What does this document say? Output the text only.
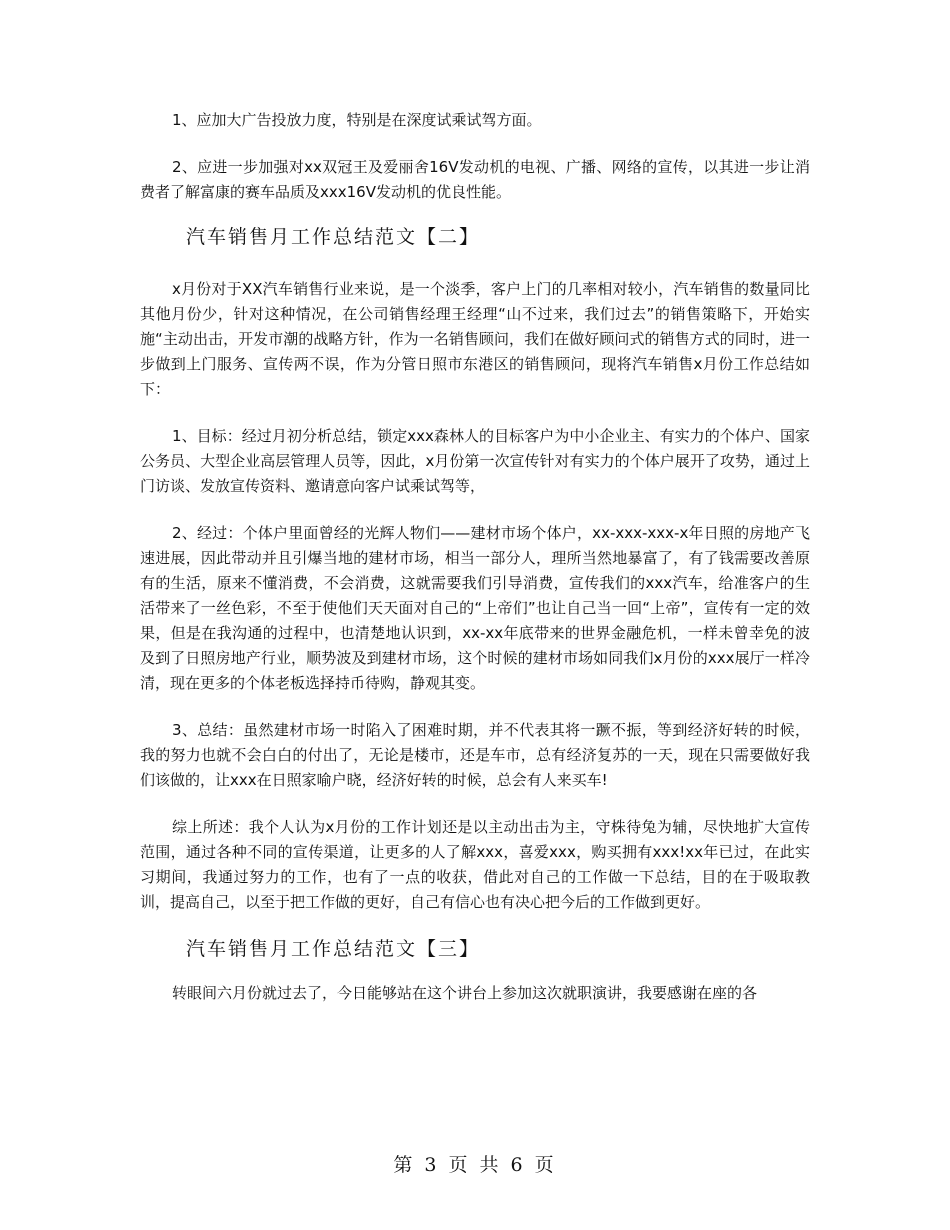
1、应加大广告投放力度，特别是在深度试乘试驾方面。

2、应进一步加强对xx双冠王及爱丽舍16V发动机的电视、广播、网络的宣传，以其进一步让消费者了解富康的赛车品质及xxx16V发动机的优良性能。

汽车销售月工作总结范文【二】

x月份对于XX汽车销售行业来说，是一个淡季，客户上门的几率相对较小，汽车销售的数量同比其他月份少，针对这种情况，在公司销售经理王经理“山不过来，我们过去”的销售策略下，开始实施“主动出击，开发市潮的战略方针，作为一名销售顾问，我们在做好顾问式的销售方式的同时，进一步做到上门服务、宣传两不误，作为分管日照市东港区的销售顾问，现将汽车销售x月份工作总结如下：

1、目标：经过月初分析总结，锁定xxx森林人的目标客户为中小企业主、有实力的个体户、国家公务员、大型企业高层管理人员等，因此，x月份第一次宣传针对有实力的个体户展开了攻势，通过上门访谈、发放宣传资料、邀请意向客户试乘试驾等，

2、经过：个体户里面曾经的光辉人物们——建材市场个体户，xx-xxx-xxx-x年日照的房地产飞速进展，因此带动并且引爆当地的建材市场，相当一部分人，理所当然地暴富了，有了钱需要改善原有的生活，原来不懂消费，不会消费，这就需要我们引导消费，宣传我们的xxx汽车，给准客户的生活带来了一丝色彩，不至于使他们天天面对自己的“上帝们”也让自己当一回“上帝”，宣传有一定的效果，但是在我沟通的过程中，也清楚地认识到，xx-xx年底带来的世界金融危机，一样未曾幸免的波及到了日照房地产行业，顺势波及到建材市场，这个时候的建材市场如同我们x月份的xxx展厅一样冷清，现在更多的个体老板选择持币待购，静观其变。

3、总结：虽然建材市场一时陷入了困难时期，并不代表其将一蹶不振，等到经济好转的时候，我的努力也就不会白白的付出了，无论是楼市，还是车市，总有经济复苏的一天，现在只需要做好我们该做的，让xxx在日照家喻户晓，经济好转的时候，总会有人来买车!

综上所述：我个人认为x月份的工作计划还是以主动出击为主，守株待兔为辅，尽快地扩大宣传范围，通过各种不同的宣传渠道，让更多的人了解xxx，喜爱xxx，购买拥有xxx!xx年已过，在此实习期间，我通过努力的工作，也有了一点的收获，借此对自己的工作做一下总结，目的在于吸取教训，提高自己，以至于把工作做的更好，自己有信心也有决心把今后的工作做到更好。

汽车销售月工作总结范文【三】

转眼间六月份就过去了，今日能够站在这个讲台上参加这次就职演讲，我要感谢在座的各

第 3 页 共 6 页
